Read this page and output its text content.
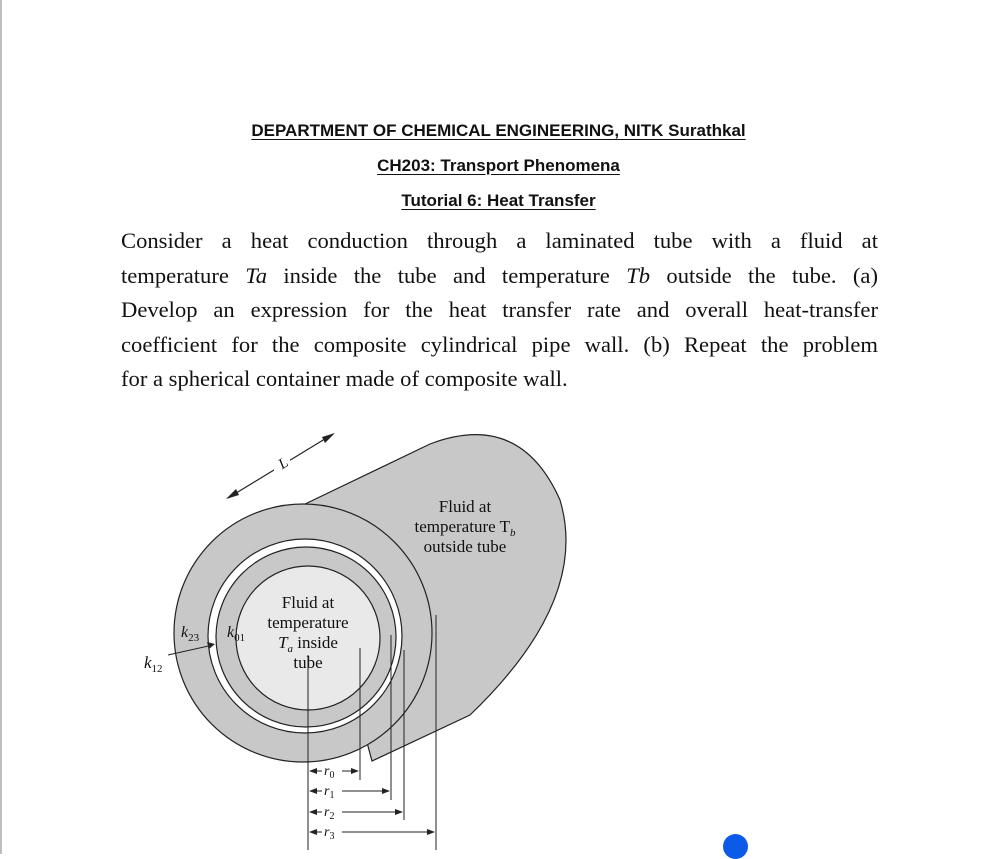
DEPARTMENT OF CHEMICAL ENGINEERING, NITK Surathkal
CH203: Transport Phenomena
Tutorial 6: Heat Transfer
Consider a heat conduction through a laminated tube with a fluid at
temperature Ta inside the tube and temperature Tb outside the tube. (a)
Develop an expression for the heat transfer rate and overall heat-transfer
coefficient for the composite cylindrical pipe wall. (b) Repeat the problem
for a spherical container made of composite wall.
L
Fluid at
temperature $T_b$
outside tube
Fluid at
temperature
$T_a$ inside
tube
$k_{23}$ $k_{01}$
$k_{12}$
$r_0$
$r_1$
$r_2$
$r_3$
